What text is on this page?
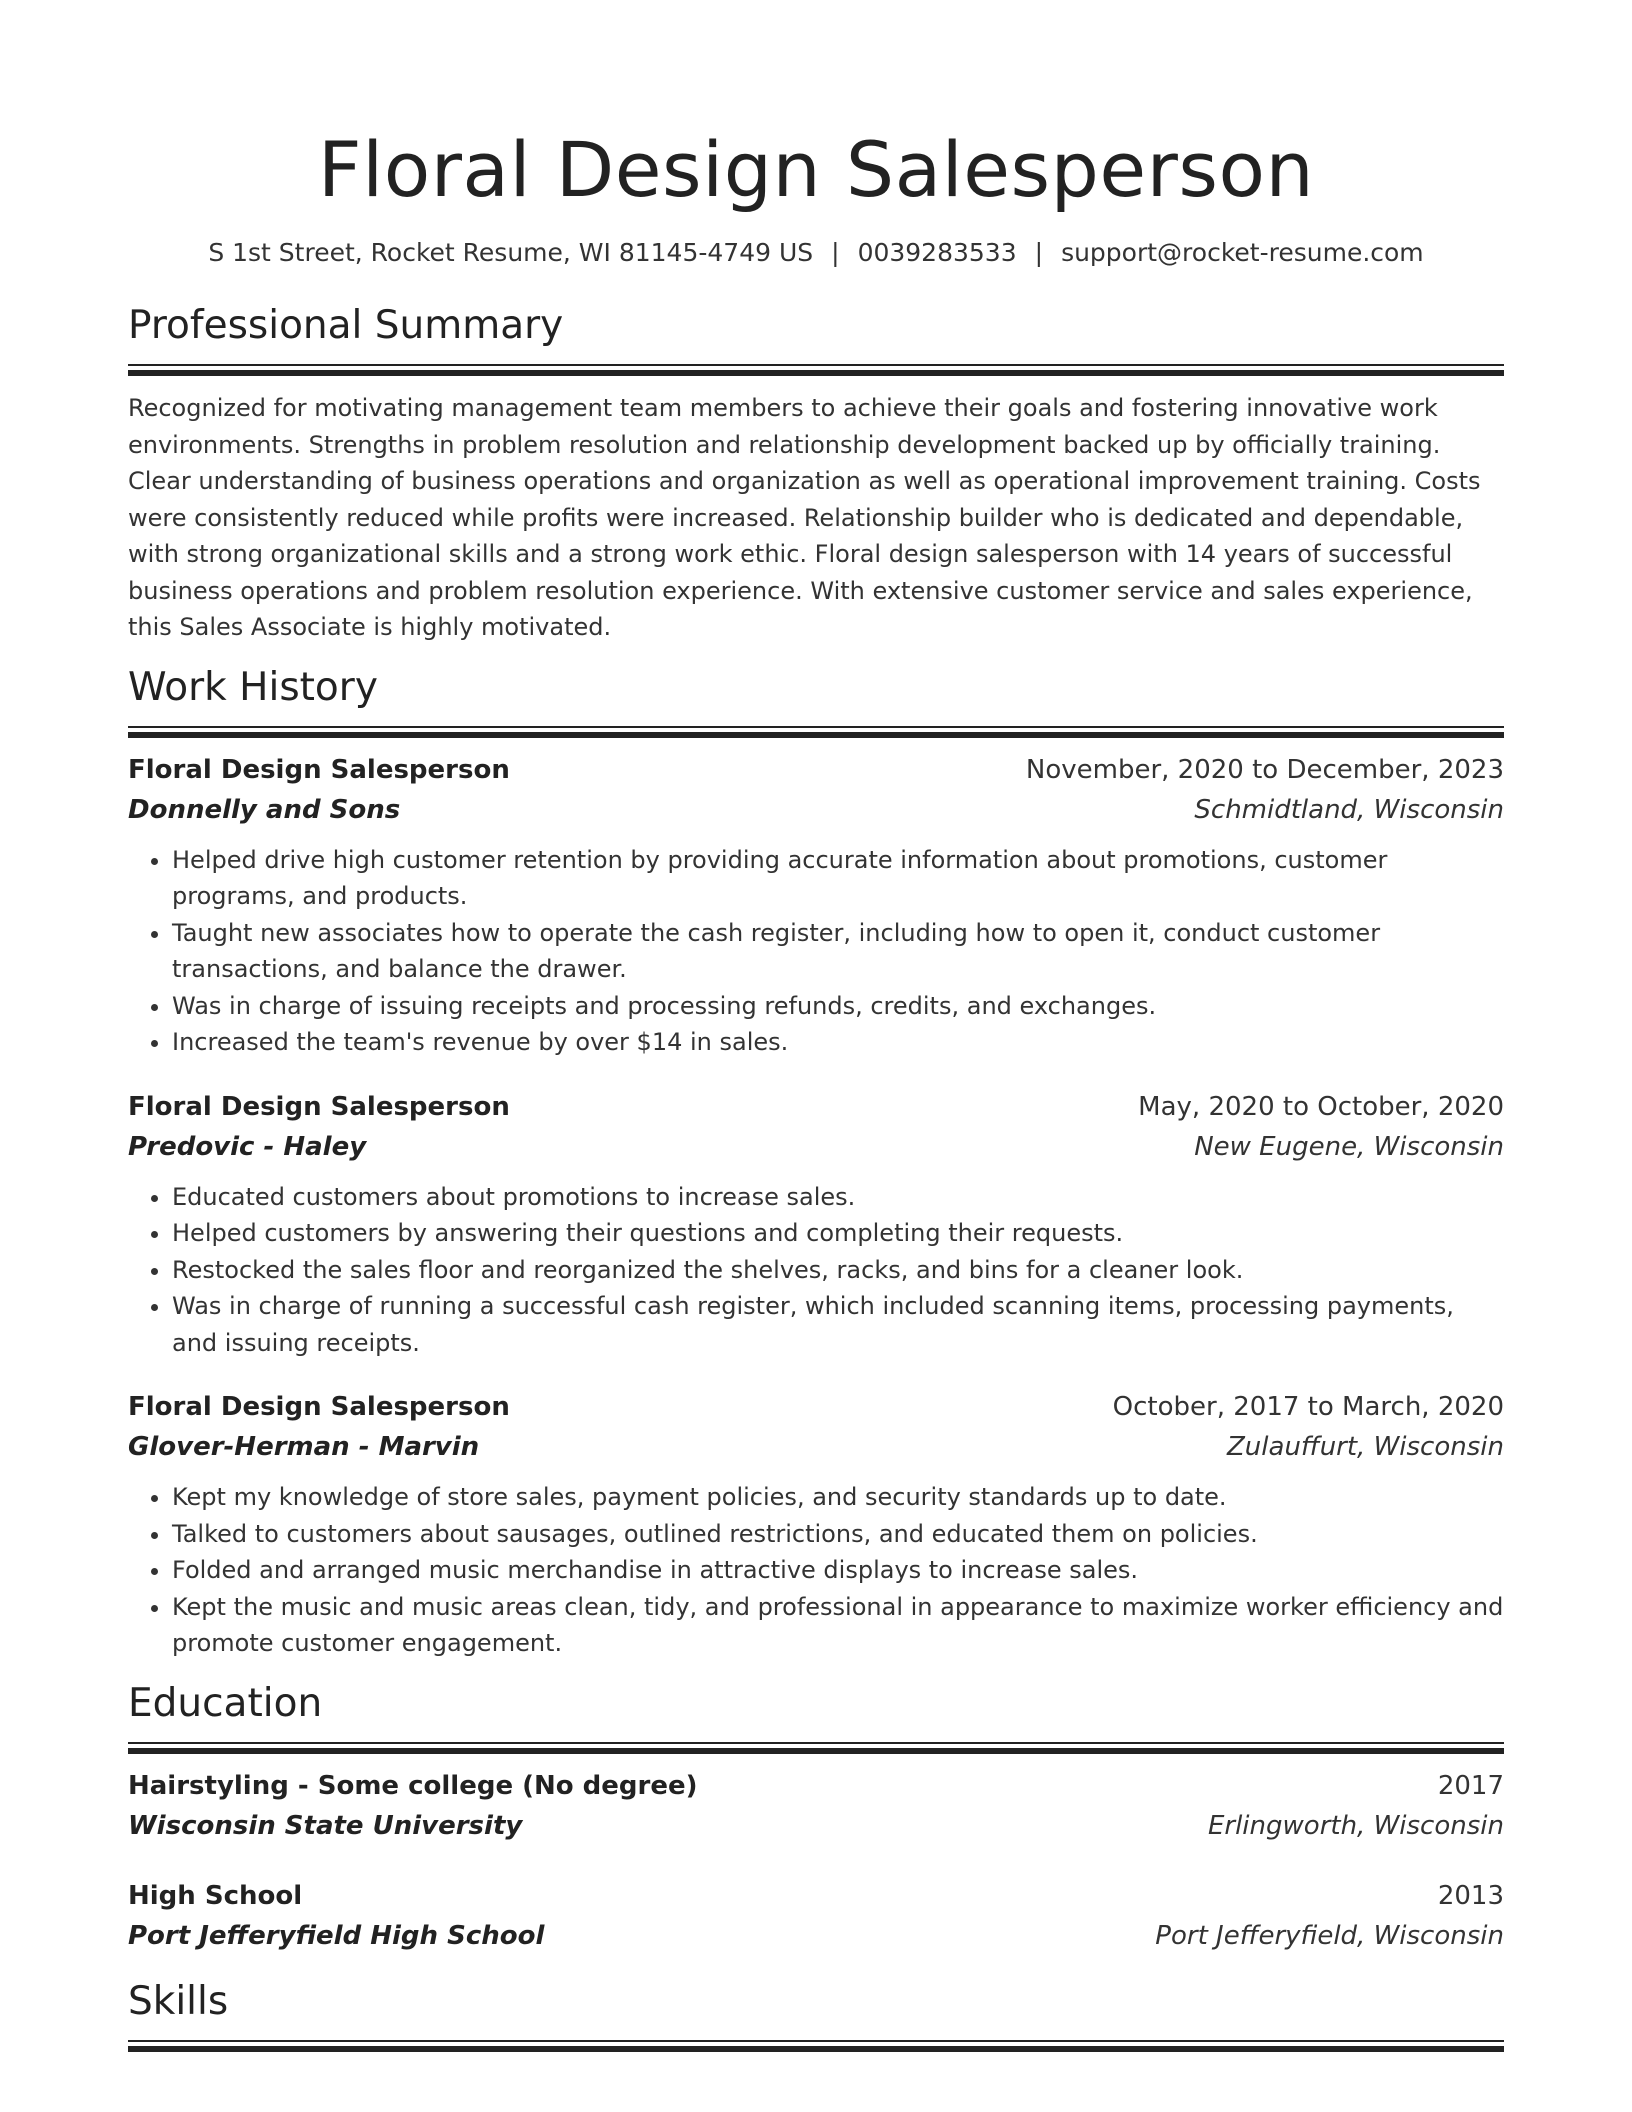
Floral Design Salesperson
S 1st Street, Rocket Resume, WI 81145-4749 US | 0039283533 | support@rocket-resume.com
Professional Summary
Recognized for motivating management team members to achieve their goals and fostering innovative work environments. Strengths in problem resolution and relationship development backed up by officially training. Clear understanding of business operations and organization as well as operational improvement training. Costs were consistently reduced while profits were increased. Relationship builder who is dedicated and dependable, with strong organizational skills and a strong work ethic. Floral design salesperson with 14 years of successful business operations and problem resolution experience. With extensive customer service and sales experience, this Sales Associate is highly motivated.
Work History
Floral Design Salesperson	November, 2020 to December, 2023
Donnelly and Sons	Schmidtland, Wisconsin
• Helped drive high customer retention by providing accurate information about promotions, customer programs, and products.
• Taught new associates how to operate the cash register, including how to open it, conduct customer transactions, and balance the drawer.
• Was in charge of issuing receipts and processing refunds, credits, and exchanges.
• Increased the team's revenue by over $14 in sales.
Floral Design Salesperson	May, 2020 to October, 2020
Predovic - Haley	New Eugene, Wisconsin
• Educated customers about promotions to increase sales.
• Helped customers by answering their questions and completing their requests.
• Restocked the sales floor and reorganized the shelves, racks, and bins for a cleaner look.
• Was in charge of running a successful cash register, which included scanning items, processing payments, and issuing receipts.
Floral Design Salesperson	October, 2017 to March, 2020
Glover-Herman - Marvin	Zulauffurt, Wisconsin
• Kept my knowledge of store sales, payment policies, and security standards up to date.
• Talked to customers about sausages, outlined restrictions, and educated them on policies.
• Folded and arranged music merchandise in attractive displays to increase sales.
• Kept the music and music areas clean, tidy, and professional in appearance to maximize worker efficiency and promote customer engagement.
Education
Hairstyling - Some college (No degree)	2017
Wisconsin State University	Erlingworth, Wisconsin
High School	2013
Port Jefferyfield High School	Port Jefferyfield, Wisconsin
Skills
